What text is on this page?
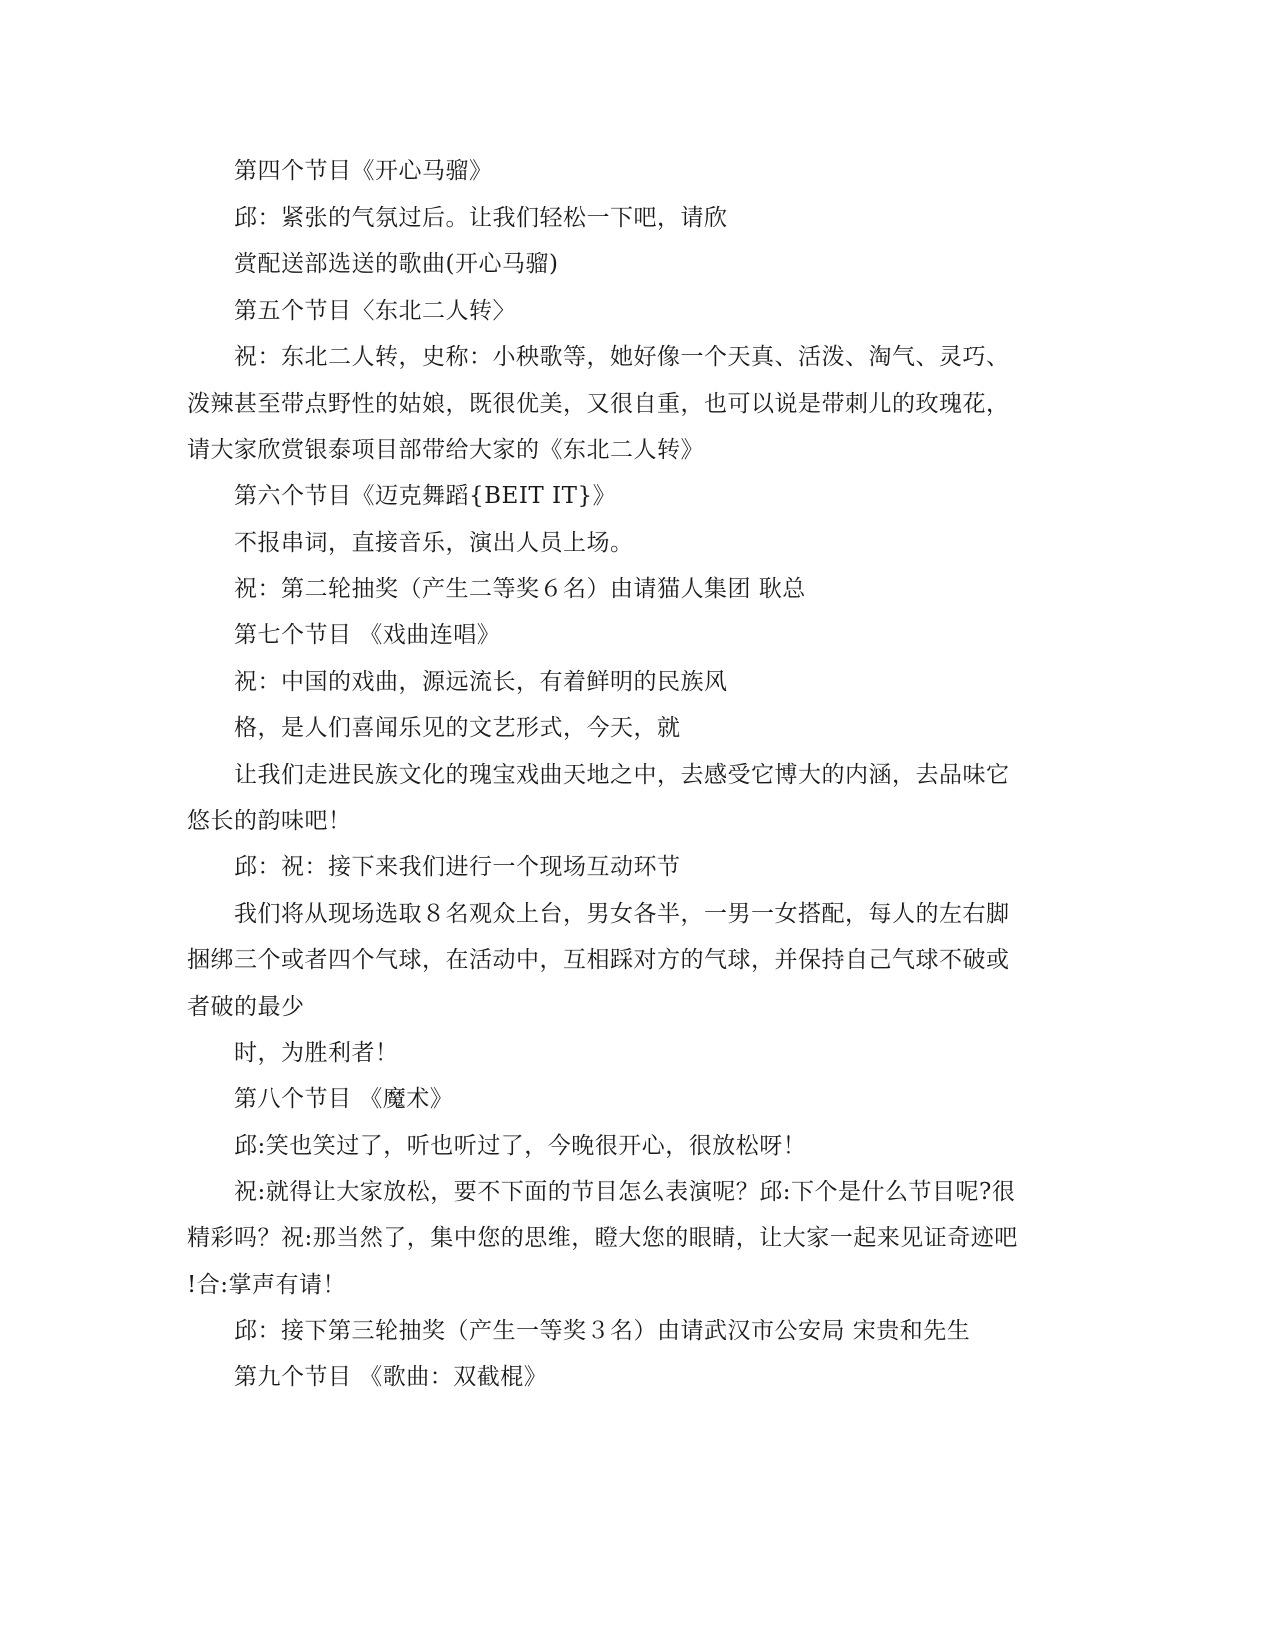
第四个节目《开心马骝》
邱：紧张的气氛过后。让我们轻松一下吧，请欣
赏配送部选送的歌曲(开心马骝)
第五个节目〈东北二人转〉
祝：东北二人转，史称：小秧歌等，她好像一个天真、活泼、淘气、灵巧、
泼辣甚至带点野性的姑娘，既很优美，又很自重，也可以说是带刺儿的玫瑰花，
请大家欣赏银泰项目部带给大家的《东北二人转》
第六个节目《迈克舞蹈{BEIT IT}》
不报串词，直接音乐，演出人员上场。
祝：第二轮抽奖（产生二等奖６名）由请猫人集团 耿总
第七个节目 《戏曲连唱》
祝：中国的戏曲，源远流长，有着鲜明的民族风
格，是人们喜闻乐见的文艺形式，今天，就
让我们走进民族文化的瑰宝戏曲天地之中，去感受它博大的内涵，去品味它
悠长的韵味吧！
邱：祝：接下来我们进行一个现场互动环节
我们将从现场选取８名观众上台，男女各半，一男一女搭配，每人的左右脚
捆绑三个或者四个气球，在活动中，互相踩对方的气球，并保持自己气球不破或
者破的最少
时，为胜利者！
第八个节目 《魔术》
邱:笑也笑过了，听也听过了，今晚很开心，很放松呀！
祝:就得让大家放松，要不下面的节目怎么表演呢？邱:下个是什么节目呢?很
精彩吗？祝:那当然了，集中您的思维，瞪大您的眼睛，让大家一起来见证奇迹吧
!合:掌声有请！
邱：接下第三轮抽奖（产生一等奖３名）由请武汉市公安局 宋贵和先生
第九个节目 《歌曲：双截棍》
